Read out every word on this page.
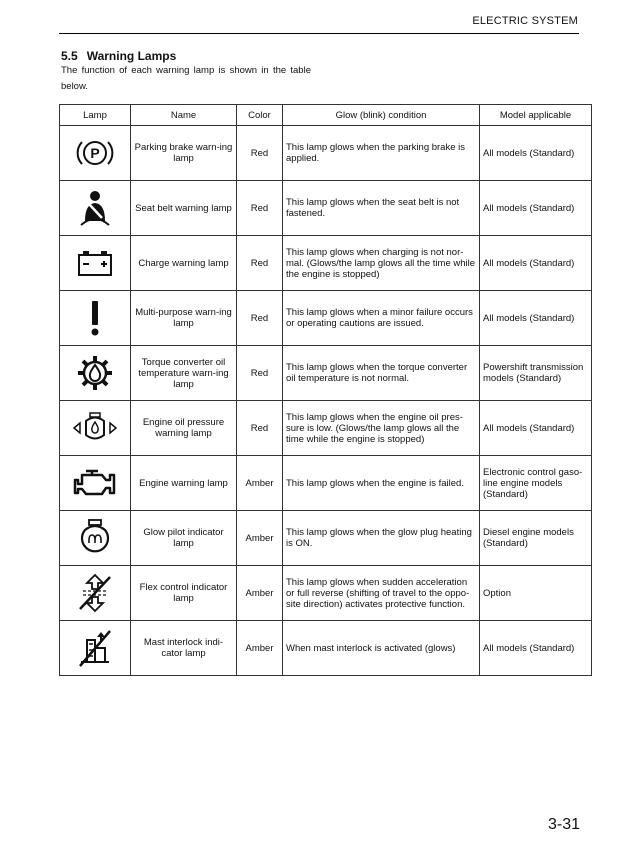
ELECTRIC SYSTEM
5.5 Warning Lamps
The function of each warning lamp is shown in the table below.
Lamp	Name	Color	Glow (blink) condition	Model applicable

P	Parking brake warn-ing lamp	Red	This lamp glows when the parking brake is applied.	All models (Standard)

	Seat belt warning lamp	Red	This lamp glows when the seat belt is not fastened.	All models (Standard)

	Charge warning lamp	Red	This lamp glows when charging is not nor-mal. (Glows/the lamp glows all the time while the engine is stopped)	All models (Standard)

	Multi-purpose warn-ing lamp	Red	This lamp glows when a minor failure occurs or operating cautions are issued.	All models (Standard)

	Torque converter oil temperature warn-ing lamp	Red	This lamp glows when the torque converter oil temperature is not normal.	Powershift transmission models (Standard)

	Engine oil pressure warning lamp	Red	This lamp glows when the engine oil pres-sure is low. (Glows/the lamp glows all the time while the engine is stopped)	All models (Standard)

	Engine warning lamp	Amber	This lamp glows when the engine is failed.	Electronic control gaso-line engine models (Standard)

	Glow pilot indicator lamp	Amber	This lamp glows when the glow plug heating is ON.	Diesel engine models (Standard)

	Flex control indicator lamp	Amber	This lamp glows when sudden acceleration or full reverse (shifting of travel to the oppo-site direction) activates protective function.	Option

	Mast interlock indi-cator lamp	Amber	When mast interlock is activated (glows)	All models (Standard)
3-31
